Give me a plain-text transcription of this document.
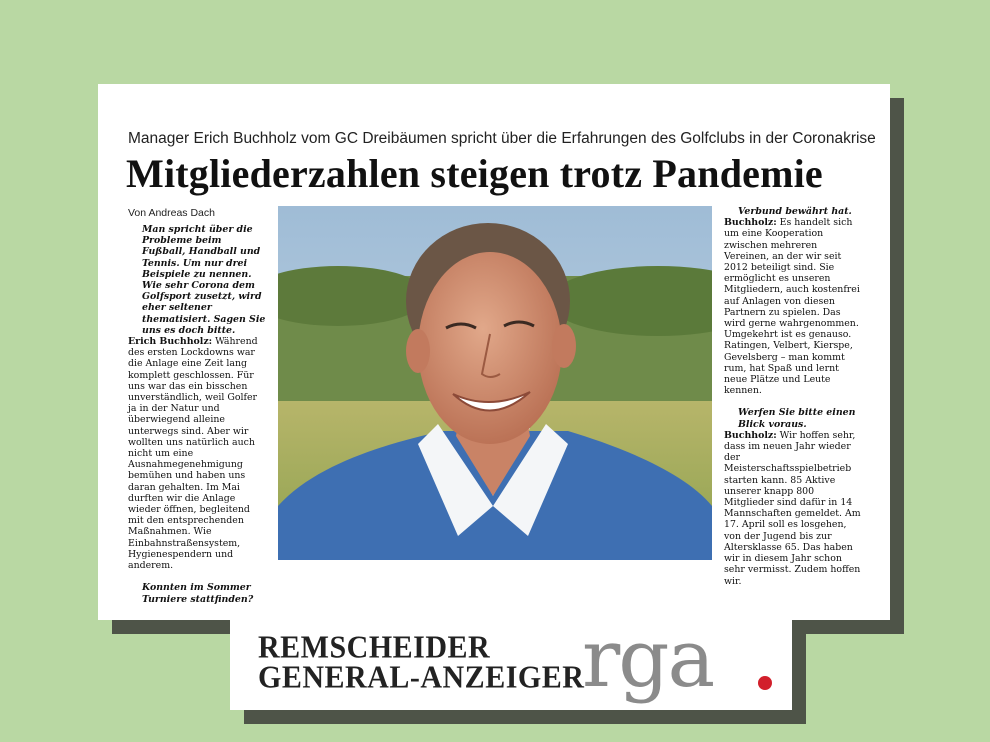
Manager Erich Buchholz vom GC Dreibäumen spricht über die Erfahrungen des Golfclubs in der Coronakrise
Mitgliederzahlen steigen trotz Pandemie
Von Andreas Dach

Man spricht über die Probleme beim Fußball, Handball und Tennis. Um nur drei Beispiele zu nennen. Wie sehr Corona dem Golfsport zusetzt, wird eher seltener thematisiert. Sagen Sie uns es doch bitte.

Erich Buchholz: Während des ersten Lockdowns war die Anlage eine Zeit lang komplett geschlossen. Für uns war das ein bisschen unverständlich, weil Golfer ja in der Natur und überwiegend alleine unterwegs sind. Aber wir wollten uns natürlich auch nicht um eine Ausnahmegenehmigung bemühen und haben uns daran gehalten. Im Mai durften wir die Anlage wieder öffnen, begleitend mit den entsprechenden Maßnahmen. Wie Einbahnstraßensystem, Hygienespendern und anderem.

Konnten im Sommer Turniere stattfinden?

Verbund bewährt hat.

Buchholz: Es handelt sich um eine Kooperation zwischen mehreren Vereinen, an der wir seit 2012 beteiligt sind. Sie ermöglicht es unseren Mitgliedern, auch kostenfrei auf Anlagen von diesen Partnern zu spielen. Das wird gerne wahrgenommen. Umgekehrt ist es genauso. Ratingen, Velbert, Kierspe, Gevelsberg – man kommt rum, hat Spaß und lernt neue Plätze und Leute kennen.

Werfen Sie bitte einen Blick voraus.

Buchholz: Wir hoffen sehr, dass im neuen Jahr wieder der Meisterschaftsspielbetrieb starten kann. 85 Aktive unserer knapp 800 Mitglieder sind dafür in 14 Mannschaften gemeldet. Am 17. April soll es losgehen, von der Jugend bis zur Altersklasse 65. Das haben wir in diesem Jahr schon sehr vermisst. Zudem hoffen wir.

REMSCHEIDER
GENERAL-ANZEIGER
rga
